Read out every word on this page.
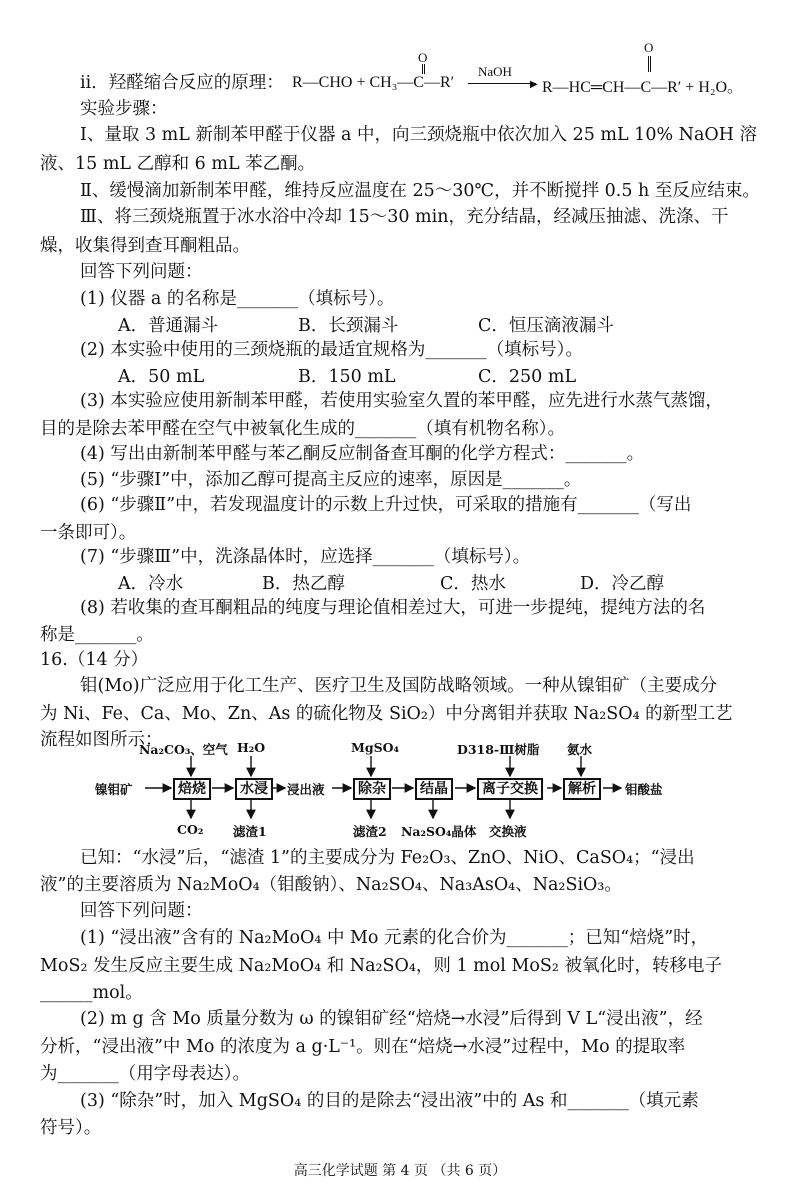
ⅱ．羟醛缩合反应的原理： R—CHO + CH₃—C—R′
O
NaOH
▶ R—HC═CH—C—R′ + H₂O。
O
实验步骤：
Ⅰ、量取 3 mL 新制苯甲醛于仪器 a 中，向三颈烧瓶中依次加入 25 mL 10% NaOH 溶
液、15 mL 乙醇和 6 mL 苯乙酮。
Ⅱ、缓慢滴加新制苯甲醛，维持反应温度在 25～30℃，并不断搅拌 0.5 h 至反应结束。
Ⅲ、将三颈烧瓶置于冰水浴中冷却 15～30 min，充分结晶，经减压抽滤、洗涤、干
燥，收集得到查耳酮粗品。
回答下列问题：
(1) 仪器 a 的名称是_______（填标号）。
A．普通漏斗	B．长颈漏斗	C．恒压滴液漏斗
(2) 本实验中使用的三颈烧瓶的最适宜规格为_______（填标号）。
A．50 mL	B．150 mL	C．250 mL
(3) 本实验应使用新制苯甲醛，若使用实验室久置的苯甲醛，应先进行水蒸气蒸馏，
目的是除去苯甲醛在空气中被氧化生成的_______（填有机物名称）。
(4) 写出由新制苯甲醛与苯乙酮反应制备查耳酮的化学方程式：_______。
(5) “步骤Ⅰ”中，添加乙醇可提高主反应的速率，原因是_______。
(6) “步骤Ⅱ”中，若发现温度计的示数上升过快，可采取的措施有_______（写出
一条即可）。
(7) “步骤Ⅲ”中，洗涤晶体时，应选择_______（填标号）。
A．冷水	B．热乙醇	C．热水	D．冷乙醇
(8) 若收集的查耳酮粗品的纯度与理论值相差过大，可进一步提纯，提纯方法的名
称是_______。
16.（14 分）
钼(Mo)广泛应用于化工生产、医疗卫生及国防战略领域。一种从镍钼矿（主要成分
为 Ni、Fe、Ca、Mo、Zn、As 的硫化物及 SiO₂）中分离钼并获取 Na₂SO₄ 的新型工艺
流程如图所示：
镍钼矿	焙烧	水浸	浸出液	除杂	结晶	离子交换	解析	钼酸盐
Na₂CO₃、空气 H₂O	MgSO₄	D318-Ⅲ树脂 氨水
CO₂ 滤渣1	滤渣2 Na₂SO₄晶体 交换液
已知：“水浸”后，“滤渣 1”的主要成分为 Fe₂O₃、ZnO、NiO、CaSO₄；“浸出
液”的主要溶质为 Na₂MoO₄（钼酸钠）、Na₂SO₄、Na₃AsO₄、Na₂SiO₃。
回答下列问题：
(1) “浸出液”含有的 Na₂MoO₄ 中 Mo 元素的化合价为_______；已知“焙烧”时，
MoS₂ 发生反应主要生成 Na₂MoO₄ 和 Na₂SO₄，则 1 mol MoS₂ 被氧化时，转移电子
______mol。
(2) m g 含 Mo 质量分数为 ω 的镍钼矿经“焙烧→水浸”后得到 V L“浸出液”，经
分析，“浸出液”中 Mo 的浓度为 a g·L⁻¹。则在“焙烧→水浸”过程中，Mo 的提取率
为_______（用字母表达）。
(3) “除杂”时，加入 MgSO₄ 的目的是除去“浸出液”中的 As 和_______（填元素
符号）。
高三化学试题 第 4 页 （共 6 页）
